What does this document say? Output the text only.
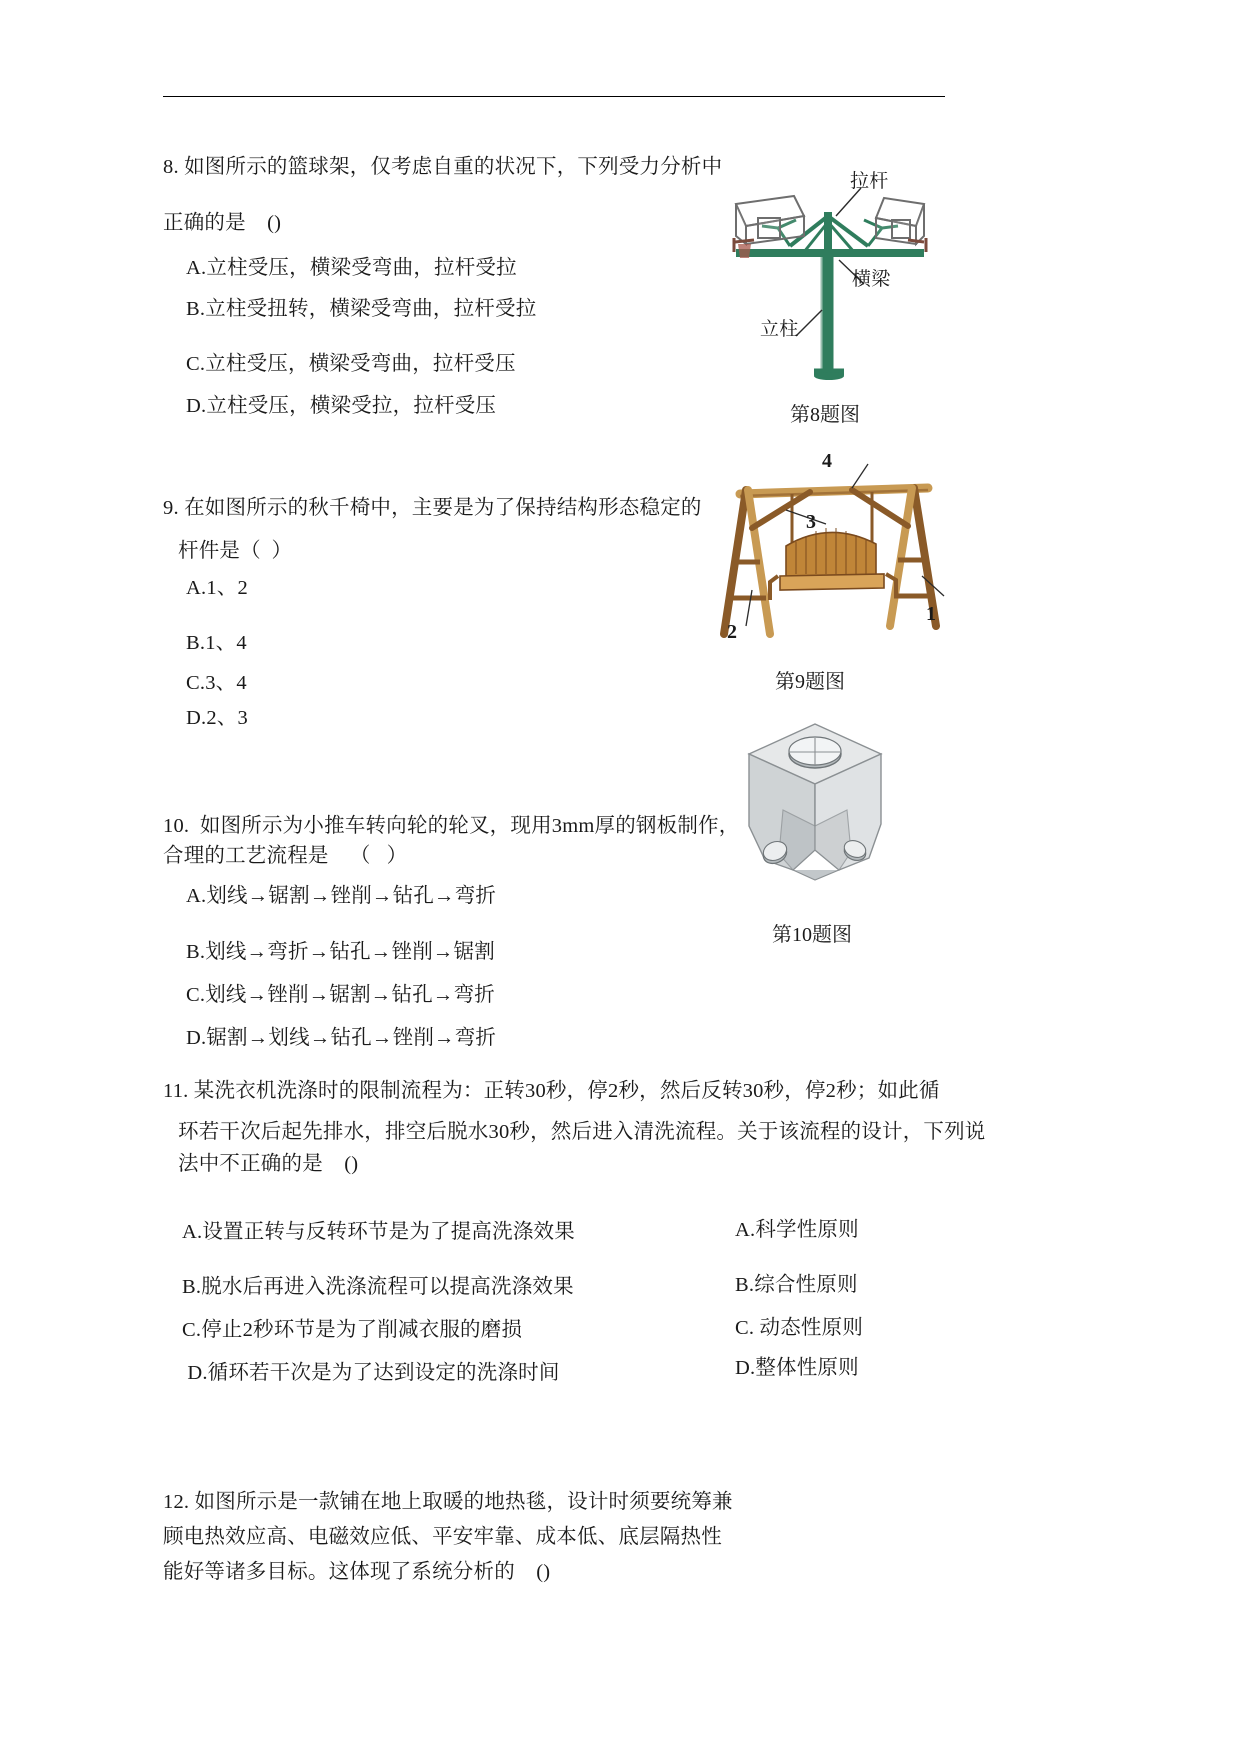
8. 如图所示的篮球架，仅考虑自重的状况下，下列受力分析中
正确的是    ()
A.立柱受压，横梁受弯曲，拉杆受拉
B.立柱受扭转，横梁受弯曲，拉杆受拉
C.立柱受压，横梁受弯曲，拉杆受压
D.立柱受压，横梁受拉，拉杆受压
拉杆
横梁
立柱
第8题图
9. 在如图所示的秋千椅中，主要是为了保持结构形态稳定的
杆件是（  ）
A.1、2
B.1、4
C.3、4
D.2、3
4
3
1
2
第9题图
10.  如图所示为小推车转向轮的轮叉，现用3mm厚的钢板制作，
合理的工艺流程是    （   ）
A.划线→锯割→锉削→钻孔→弯折
B.划线→弯折→钻孔→锉削→锯割
C.划线→锉削→锯割→钻孔→弯折
D.锯割→划线→钻孔→锉削→弯折
第10题图
11. 某洗衣机洗涤时的限制流程为：正转30秒，停2秒，然后反转30秒，停2秒；如此循
环若干次后起先排水，排空后脱水30秒，然后进入清洗流程。关于该流程的设计，下列说
法中不正确的是    ()
A.设置正转与反转环节是为了提高洗涤效果
B.脱水后再进入洗涤流程可以提高洗涤效果
C.停止2秒环节是为了削减衣服的磨损
D.循环若干次是为了达到设定的洗涤时间
A.科学性原则
B.综合性原则
C. 动态性原则
D.整体性原则
12. 如图所示是一款铺在地上取暖的地热毯，设计时须要统筹兼
顾电热效应高、电磁效应低、平安牢靠、成本低、底层隔热性
能好等诸多目标。这体现了系统分析的    ()
